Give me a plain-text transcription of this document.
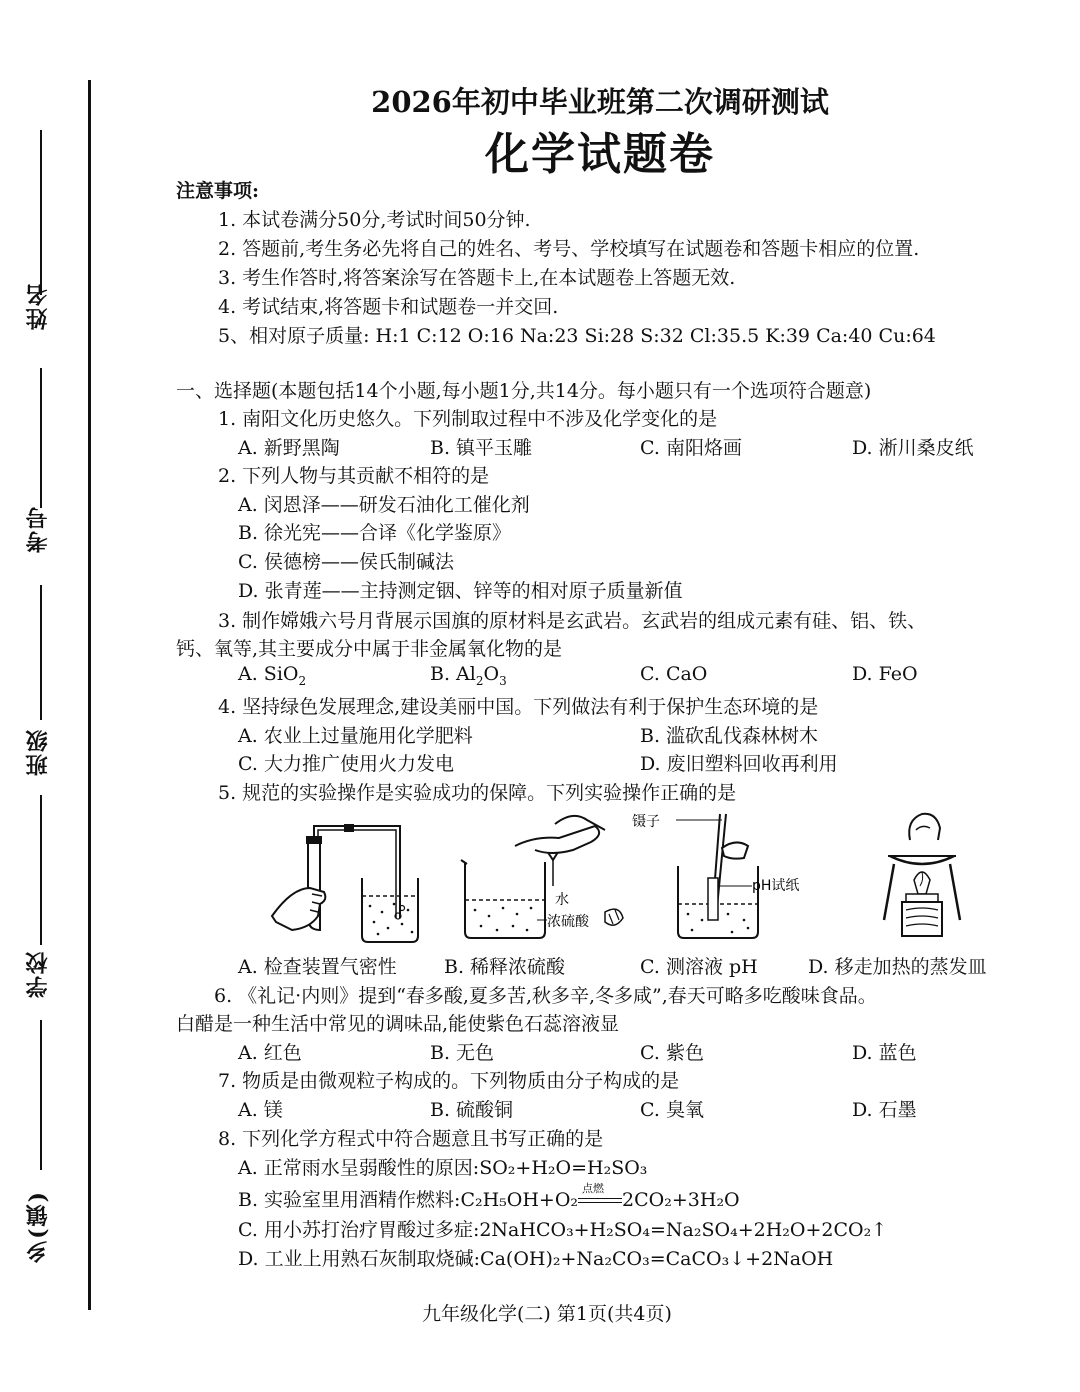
姓名
考号
班级
学校
乡(镇)
2026年初中毕业班第二次调研测试
化学试题卷
注意事项:
1. 本试卷满分50分,考试时间50分钟.
2. 答题前,考生务必先将自己的姓名、考号、学校填写在试题卷和答题卡相应的位置.
3. 考生作答时,将答案涂写在答题卡上,在本试题卷上答题无效.
4. 考试结束,将答题卡和试题卷一并交回.
5、相对原子质量: H:1 C:12 O:16 Na:23 Si:28 S:32 Cl:35.5 K:39 Ca:40 Cu:64
一、选择题(本题包括14个小题,每小题1分,共14分。每小题只有一个选项符合题意)
1. 南阳文化历史悠久。下列制取过程中不涉及化学变化的是
A. 新野黑陶	B. 镇平玉雕	C. 南阳烙画	D. 淅川桑皮纸
2. 下列人物与其贡献不相符的是
A. 闵恩泽——研发石油化工催化剂
B. 徐光宪——合译《化学鉴原》
C. 侯德榜——侯氏制碱法
D. 张青莲——主持测定铟、锌等的相对原子质量新值
3. 制作嫦娥六号月背展示国旗的原材料是玄武岩。玄武岩的组成元素有硅、铝、铁、
钙、氧等,其主要成分中属于非金属氧化物的是
A. SiO$_2$	B. $Al_2O_3$	C. CaO	D. FeO
4. 坚持绿色发展理念,建设美丽中国。下列做法有利于保护生态环境的是
A. 农业上过量施用化学肥料	B. 滥砍乱伐森林树木
C. 大力推广使用火力发电	D. 废旧塑料回收再利用
5. 规范的实验操作是实验成功的保障。下列实验操作正确的是
水
浓硫酸
镊子
pH试纸
A. 检查装置气密性 B. 稀释浓硫酸	C. 测溶液 pH	D. 移走加热的蒸发皿
6. 《礼记·内则》提到“春多酸,夏多苦,秋多辛,冬多咸”,春天可略多吃酸味食品。
白醋是一种生活中常见的调味品,能使紫色石蕊溶液显
A. 红色	B. 无色	C. 紫色	D. 蓝色
7. 物质是由微观粒子构成的。下列物质由分子构成的是
A. 镁	B. 硫酸铜	C. 臭氧	D. 石墨
8. 下列化学方程式中符合题意且书写正确的是
A. 正常雨水呈弱酸性的原因:SO₂+H₂O=H₂SO₃
B. 实验室里用酒精作燃料:C₂H₅OH+O₂
点燃
2CO₂+3H₂O
C. 用小苏打治疗胃酸过多症:2NaHCO₃+H₂SO₄=Na₂SO₄+2H₂O+2CO₂↑
D. 工业上用熟石灰制取烧碱:Ca(OH)₂+Na₂CO₃=CaCO₃↓+2NaOH
九年级化学(二) 第1页(共4页)
